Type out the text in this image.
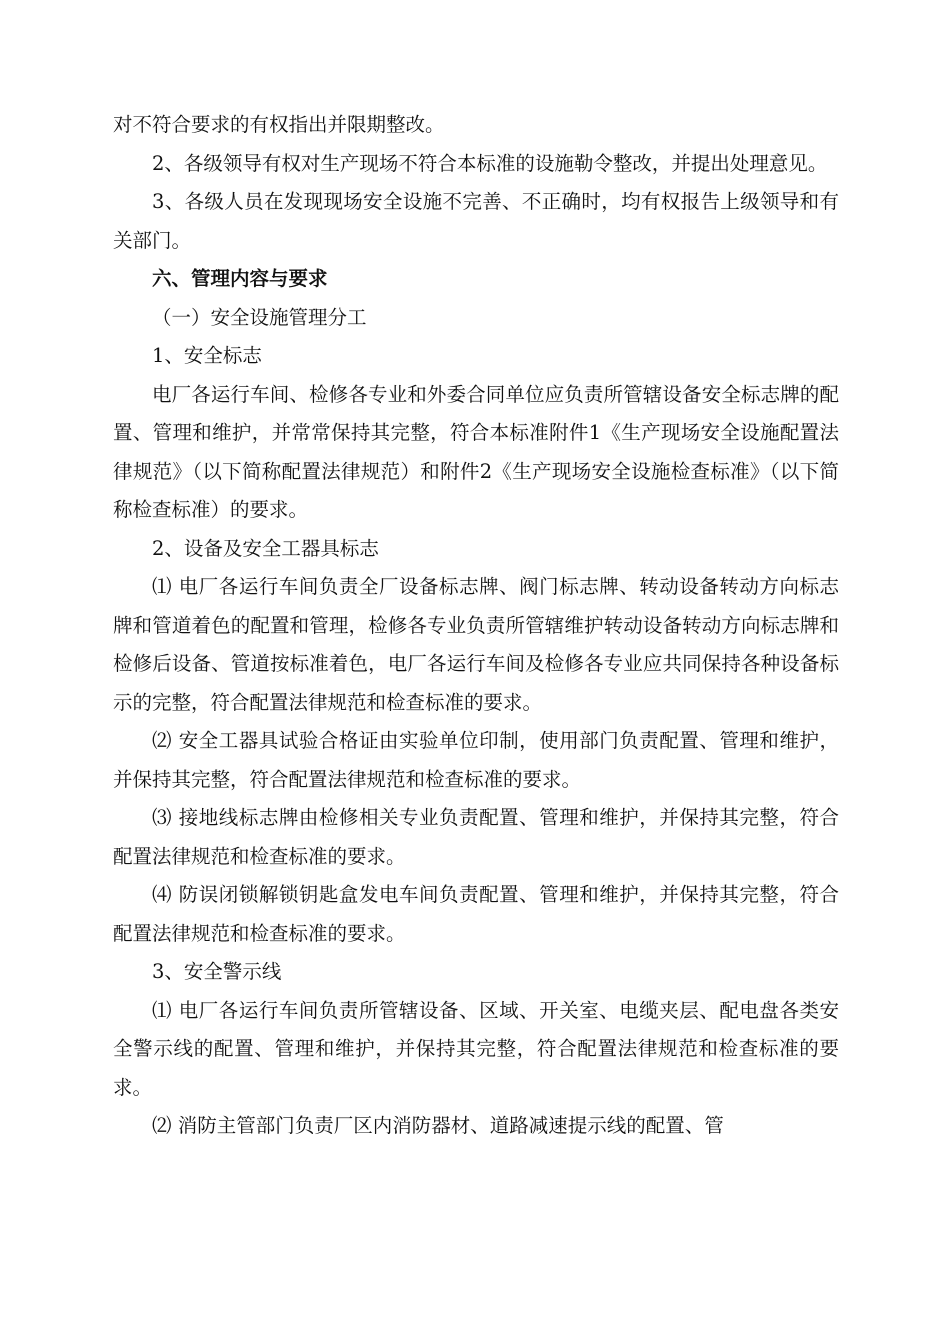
对不符合要求的有权指出并限期整改。

2、各级领导有权对生产现场不符合本标准的设施勒令整改，并提出处理意见。

3、各级人员在发现现场安全设施不完善、不正确时，均有权报告上级领导和有关部门。

六、管理内容与要求

（一）安全设施管理分工

1、安全标志

电厂各运行车间、检修各专业和外委合同单位应负责所管辖设备安全标志牌的配置、管理和维护，并常常保持其完整，符合本标准附件1《生产现场安全设施配置法律规范》（以下简称配置法律规范）和附件2《生产现场安全设施检查标准》（以下简称检查标准）的要求。

2、设备及安全工器具标志

⑴ 电厂各运行车间负责全厂设备标志牌、阀门标志牌、转动设备转动方向标志牌和管道着色的配置和管理，检修各专业负责所管辖维护转动设备转动方向标志牌和检修后设备、管道按标准着色，电厂各运行车间及检修各专业应共同保持各种设备标示的完整，符合配置法律规范和检查标准的要求。

⑵ 安全工器具试验合格证由实验单位印制，使用部门负责配置、管理和维护，并保持其完整，符合配置法律规范和检查标准的要求。

⑶ 接地线标志牌由检修相关专业负责配置、管理和维护，并保持其完整，符合配置法律规范和检查标准的要求。

⑷ 防误闭锁解锁钥匙盒发电车间负责配置、管理和维护，并保持其完整，符合配置法律规范和检查标准的要求。

3、安全警示线

⑴ 电厂各运行车间负责所管辖设备、区域、开关室、电缆夹层、配电盘各类安全警示线的配置、管理和维护，并保持其完整，符合配置法律规范和检查标准的要求。

⑵ 消防主管部门负责厂区内消防器材、道路减速提示线的配置、管
